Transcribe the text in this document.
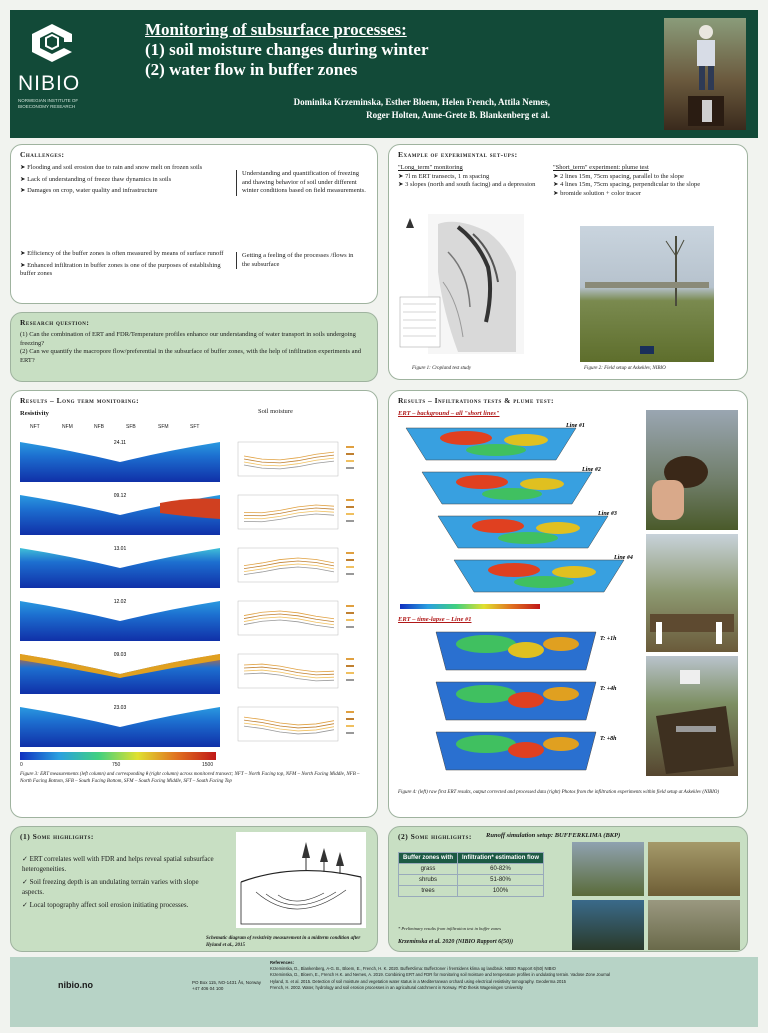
NIBIO
NORWEGIAN INSTITUTE OF BIOECONOMY RESEARCH
Monitoring of subsurface processes:
(1) soil moisture changes during winter
(2) water flow in buffer zones
Dominika Krzeminska, Esther Bloem, Helen French, Attila Nemes,
Roger Holten, Anne-Grete B. Blankenberg et al.
Challenges:
➤ Flooding and soil erosion due to rain and snow melt on frozen soils
➤ Lack of understanding of freeze thaw dynamics in soils
➤ Damages on crop, water quality and infrastructure
Understanding and quantification of freezing and thawing behavior of soil under different winter conditions based on field measurements.
➤ Efficiency of the buffer zones is often measured by means of surface runoff
➤ Enhanced infiltration in buffer zones is one of the purposes of establishing buffer zones
Getting a feeling of the processes /flows in the subsurface
Example of experimental set-ups:
"Long_term" monitoring
➤ 7l m ERT transects, 1 m spacing
➤ 3 slopes (north and south facing) and a depression
"Short_term" experiment: plume test
➤ 2 lines 15m, 75cm spacing, parallel to the slope
➤ 4 lines 15m, 75cm spacing, perpendicular to the slope
➤ bromide solution + color tracer
Figure 1: Cropland test study	Figure 2: Field setup at Askeklev, NIBIO
Research question:
(1) Can the combination of ERT and FDR/Temperature profiles enhance our understanding of water transport in soils undergoing freezing?
(2) Can we quantify the macropore flow/preferential in the subsurface of buffer zones, with the help of infiltration experiments and ERT?
Results – Long term monitoring:
Resistivity	Soil moisture
NFT	NFM	NFB	SFB	SFM	SFT
24.11
09.12
13.01
12.02
09.03
23.03
0	750	1500
Figure 3: ERT measurements (left column) and corresponding θ (right column) across monitored transect; NFT – North Facing top, NFM – North Facing Middle, NFB – North Facing Bottom, SFB – South Facing Bottom, SFM – South Facing Middle, SFT – South Facing Top
Results – Infiltrations tests & plume test:
ERT – background – all "short lines"
Line #1
Line #2
Line #3
Line #4
ERT – time-lapse – Line #1
T: +1h
T: +4h
T: +8h
Figure 4: (left) raw first ERT results, output corrected and processed data (right) Photos from the infiltration experiments within field setup at Askeklev (NIBIO)
(1) Some highlights:
✓ ERT correlates well with FDR and helps reveal spatial subsurface heterogeneities.
✓ Soil freezing depth is an undulating terrain varies with slope aspects.
✓ Local topography affect soil erosion initiating processes.
Schematic diagram of resistivity measurement in a midterm condition after Hyland et al., 2015
(2) Some highlights: Runoff simulation setup: BUFFERKLIMA (BKP)
Buffer zones with	Infiltration* estimation flow
grass	60-82%
shrubs	51-80%
trees	100%
* Preliminary results from infiltration test in buffer zones
Krzeminska et al. 2020 (NIBIO Rapport 6(50))
nibio.no	PO Box 115, NO-1431 Ås, Norway +47 406 04 100
References:
Krzeminska, D., Blankenberg, A-G. B., Bloem, E., French, H. K. 2020. BufferKlima: Bufferzoner i fremtidens klima og landbruk. NIBIO Rapport 6(50) NIBIO
Krzeminska, D., Bloem, E., French H.K. and Nemes, A. 2019. Combining ERT and FDR for monitoring soil moisture and temperature profiles in undulating terrain. Vadose Zone Journal
Hyland, S. et al. 2015. Detection of soil moisture and vegetation water status in a Mediterranean orchard using electrical resistivity tomography. Geoderma 2015
French, H. 2002. Water, hydrology and soil erosion processes in an agricultural catchment in Norway. PhD thesis Wageningen University
